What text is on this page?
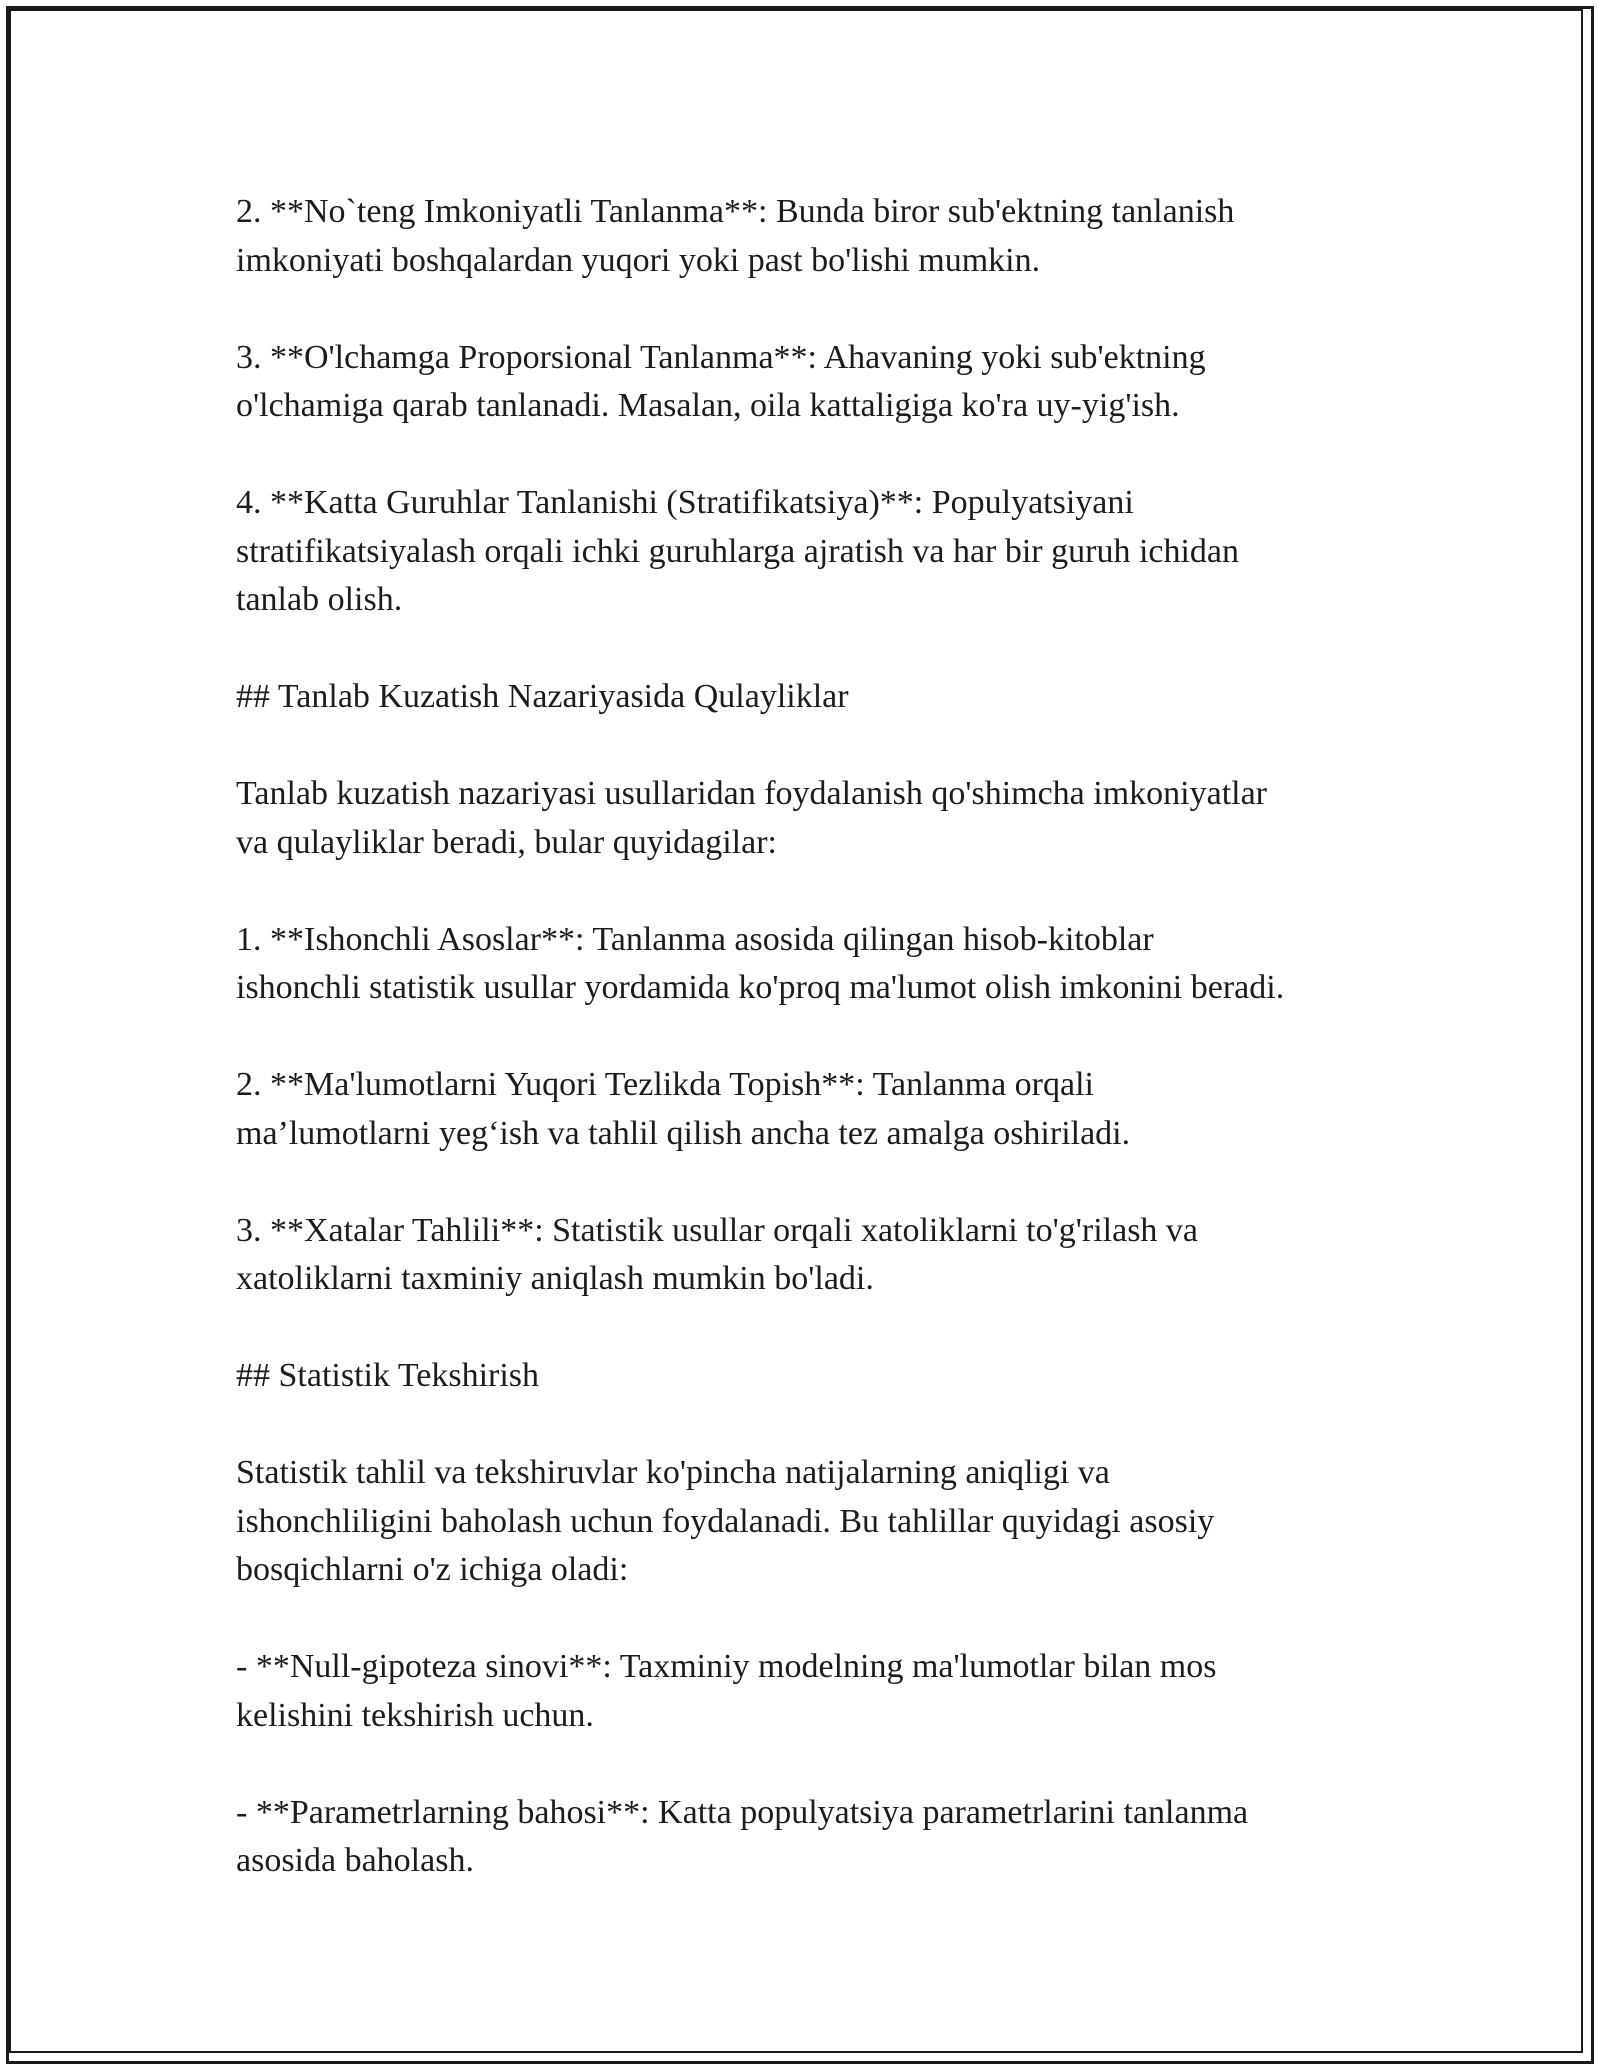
2. **No`teng Imkoniyatli Tanlanma**: Bunda biror sub'ektning tanlanish
imkoniyati boshqalardan yuqori yoki past bo'lishi mumkin.
3. **O'lchamga Proporsional Tanlanma**: Ahavaning yoki sub'ektning
o'lchamiga qarab tanlanadi. Masalan, oila kattaligiga ko'ra uy-yig'ish.
4. **Katta Guruhlar Tanlanishi (Stratifikatsiya)**: Populyatsiyani
stratifikatsiyalash orqali ichki guruhlarga ajratish va har bir guruh ichidan
tanlab olish.
## Tanlab Kuzatish Nazariyasida Qulayliklar
Tanlab kuzatish nazariyasi usullaridan foydalanish qo'shimcha imkoniyatlar
va qulayliklar beradi, bular quyidagilar:
1. **Ishonchli Asoslar**: Tanlanma asosida qilingan hisob-kitoblar
ishonchli statistik usullar yordamida ko'proq ma'lumot olish imkonini beradi.
2. **Ma'lumotlarni Yuqori Tezlikda Topish**: Tanlanma orqali
ma’lumotlarni yeg‘ish va tahlil qilish ancha tez amalga oshiriladi.
3. **Xatalar Tahlili**: Statistik usullar orqali xatoliklarni to'g'rilash va
xatoliklarni taxminiy aniqlash mumkin bo'ladi.
## Statistik Tekshirish
Statistik tahlil va tekshiruvlar ko'pincha natijalarning aniqligi va
ishonchliligini baholash uchun foydalanadi. Bu tahlillar quyidagi asosiy
bosqichlarni o'z ichiga oladi:
- **Null-gipoteza sinovi**: Taxminiy modelning ma'lumotlar bilan mos
kelishini tekshirish uchun.
- **Parametrlarning bahosi**: Katta populyatsiya parametrlarini tanlanma
asosida baholash.
